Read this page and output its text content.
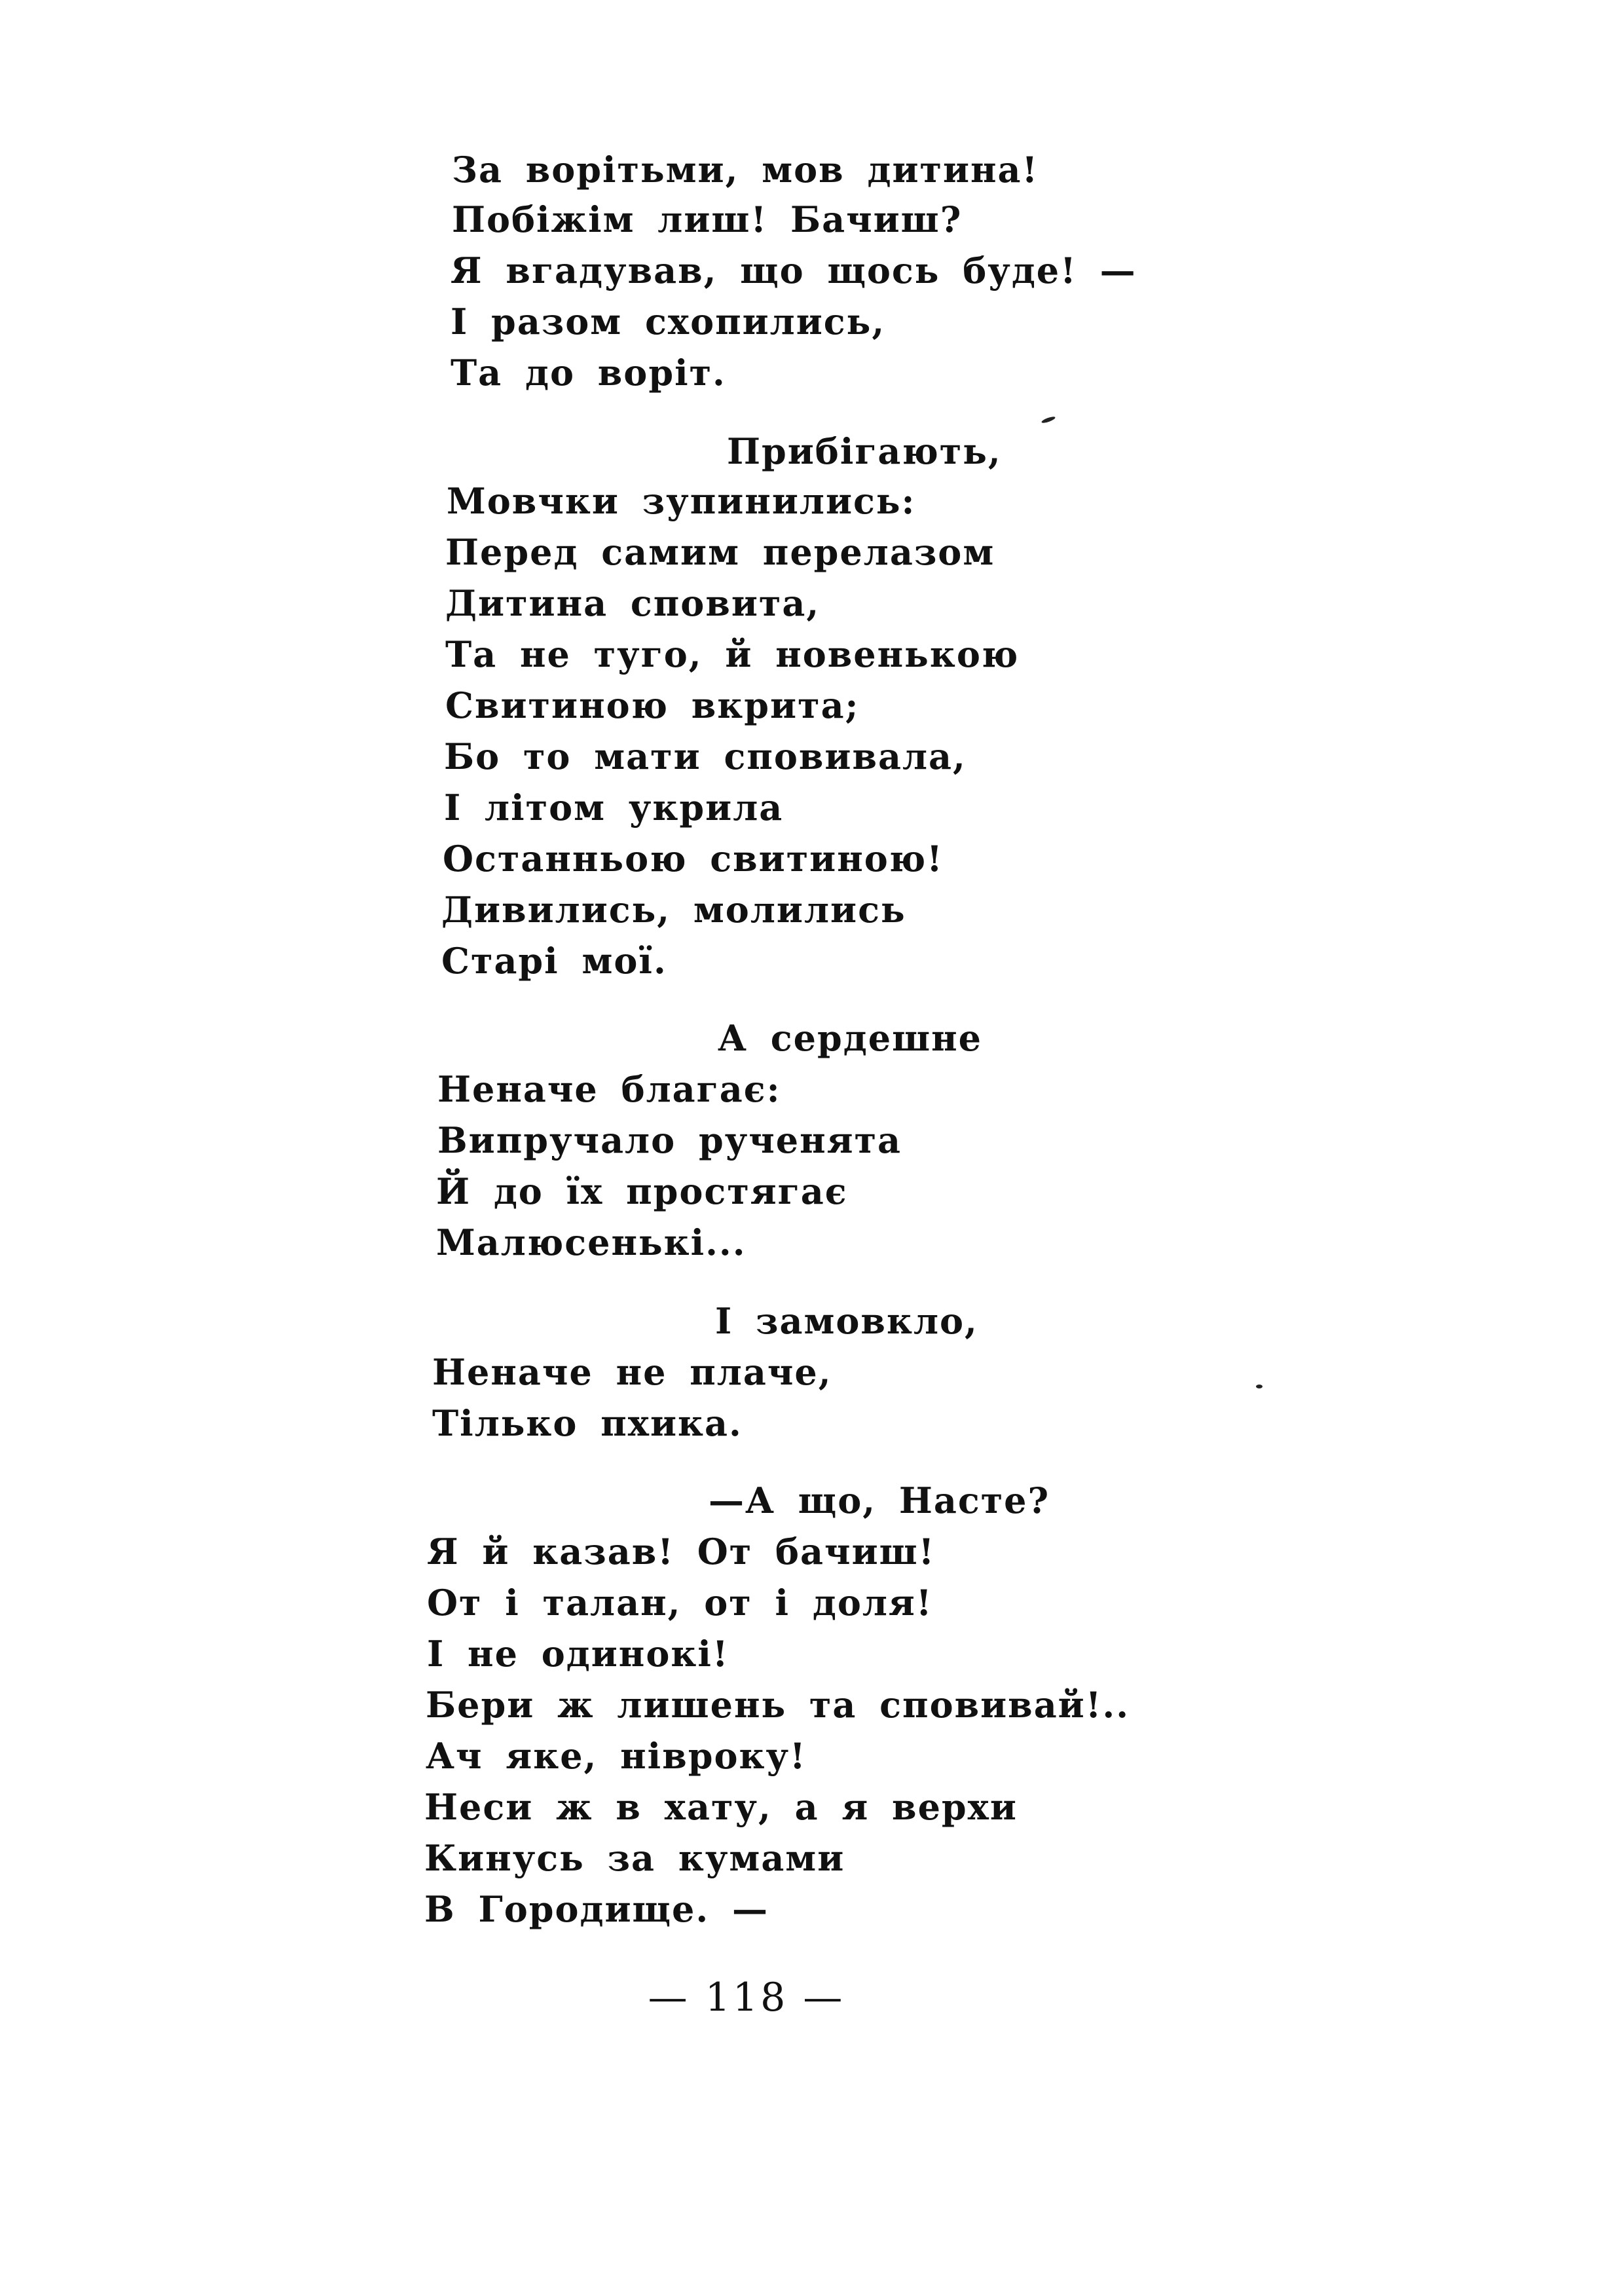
За ворітьми, мов дитина!
Побіжім лиш! Бачиш?
Я вгадував, що щось буде! —
І разом схопились,
Та до воріт.
Прибігають,
Мовчки зупинились:
Перед самим перелазом
Дитина сповита,
Та не туго, й новенькою
Свитиною вкрита;
Бо то мати сповивала,
І літом укрила
Останньою свитиною!
Дивились, молились
Старі мої.
А сердешне
Неначе благає:
Випручало рученята
Й до їх простягає
Малюсенькі...
І замовкло,
Неначе не плаче,
Тілько пхика.
—А що, Насте?
Я й казав! От бачиш!
От і талан, от і доля!
І не одинокі!
Бери ж лишень та сповивай!..
Ач яке, нівроку!
Неси ж в хату, а я верхи
Кинусь за кумами
В Городище. —
— 118 —
